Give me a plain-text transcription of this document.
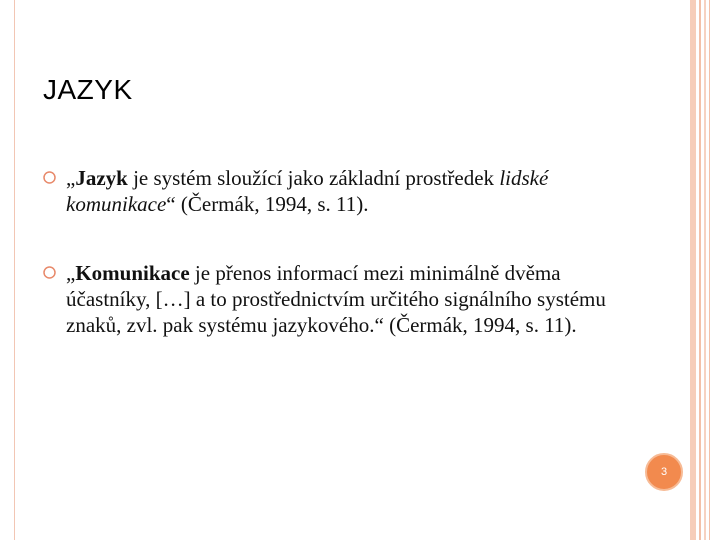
JAZYK
„Jazyk je systém sloužící jako základní prostředek lidské komunikace“ (Čermák, 1994, s. 11).
„Komunikace je přenos informací mezi minimálně dvěma účastníky, […] a to prostřednictvím určitého signálního systému znaků, zvl. pak systému jazykového.“ (Čermák, 1994, s. 11).
3
